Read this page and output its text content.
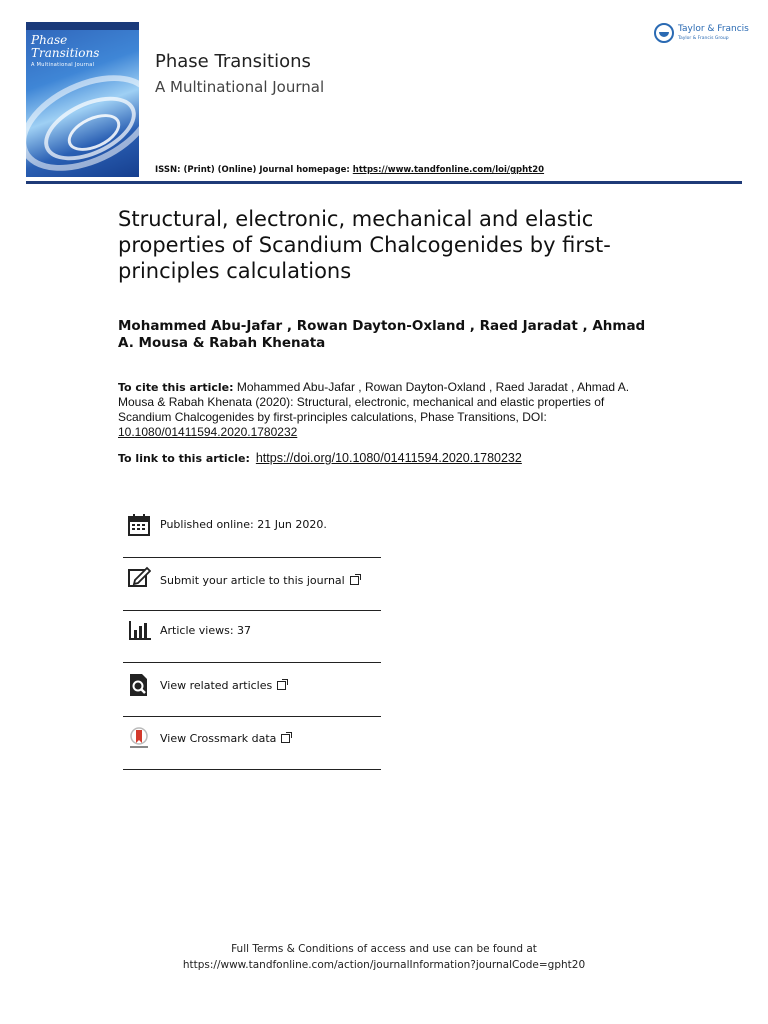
Phase Transitions
A Multinational Journal	Phase Transitions
A Multinational Journal
ISSN: (Print) (Online) Journal homepage: https://www.tandfonline.com/loi/gpht20
Taylor & Francis
Taylor & Francis Group
Structural, electronic, mechanical and elastic properties of Scandium Chalcogenides by first-principles calculations
Mohammed Abu-Jafar , Rowan Dayton-Oxland , Raed Jaradat , Ahmad A. Mousa & Rabah Khenata
To cite this article: Mohammed Abu-Jafar , Rowan Dayton-Oxland , Raed Jaradat , Ahmad A. Mousa & Rabah Khenata (2020): Structural, electronic, mechanical and elastic properties of Scandium Chalcogenides by first-principles calculations, Phase Transitions, DOI: 10.1080/01411594.2020.1780232
To link to this article: https://doi.org/10.1080/01411594.2020.1780232
Published online: 21 Jun 2020.
Submit your article to this journal
Article views: 37
View related articles
View Crossmark data
Full Terms & Conditions of access and use can be found at
https://www.tandfonline.com/action/journalInformation?journalCode=gpht20
